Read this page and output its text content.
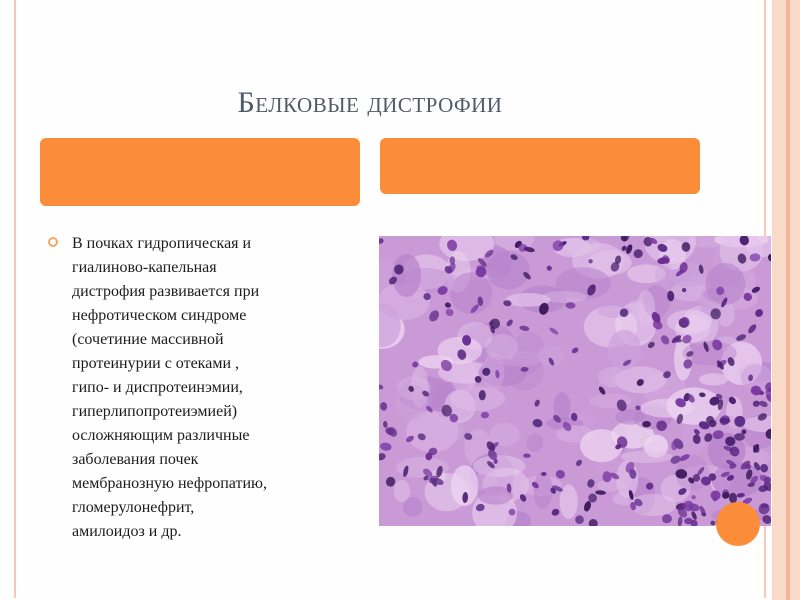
Белковые дистрофии
В почках гидропическая и
гиалиново-капельная
дистрофия развивается при
нефротическом синдроме
(сочетиние массивной
протеинурии с отеками ,
гипо- и диспротеинэмии,
гиперлипопротеиэмией)
осложняющим различные
заболевания почек
мембранозную нефропатию,
гломерулонефрит,
амилоидоз и др.
